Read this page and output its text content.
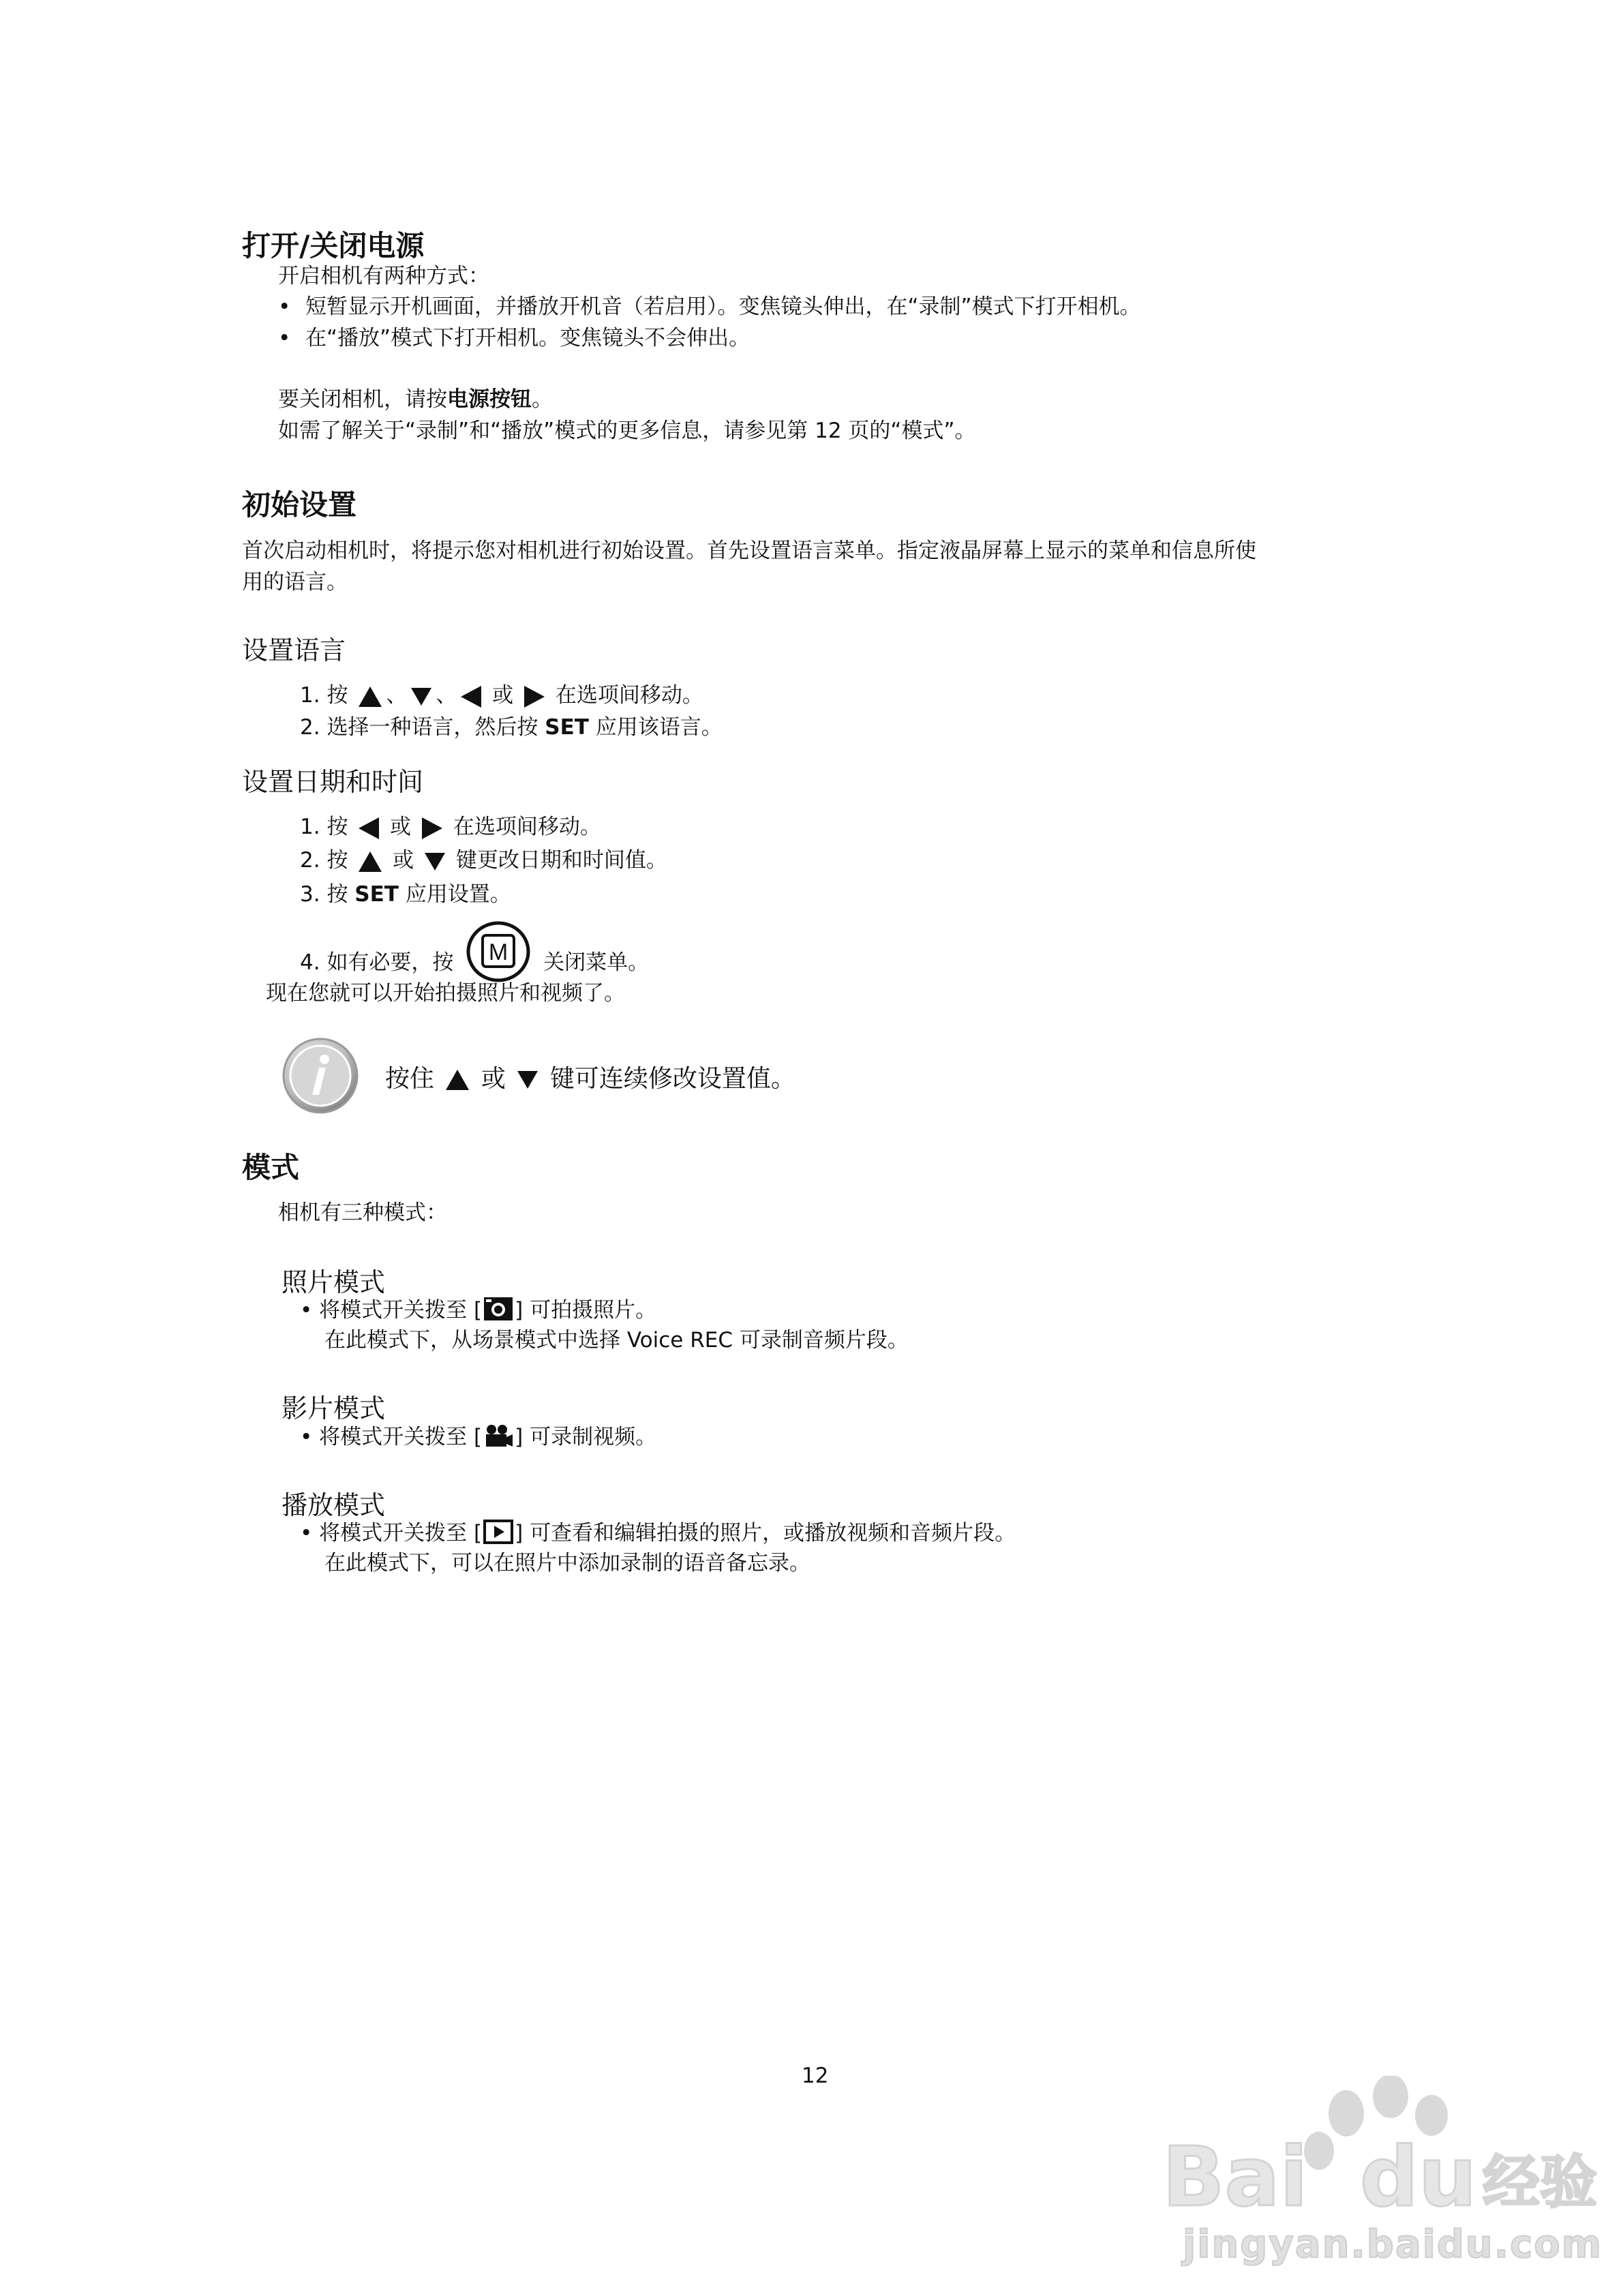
打开/关闭电源
开启相机有两种方式：
• 短暂显示开机画面，并播放开机音（若启用）。变焦镜头伸出，在“录制”模式下打开相机。
• 在“播放”模式下打开相机。变焦镜头不会伸出。
要关闭相机，请按电源按钮。
如需了解关于“录制”和“播放”模式的更多信息，请参见第 12 页的“模式”。
初始设置
首次启动相机时，将提示您对相机进行初始设置。首先设置语言菜单。指定液晶屏幕上显示的菜单和信息所使
用的语言。
设置语言
1. 按 、 、 或 在选项间移动。
2. 选择一种语言，然后按 SET 应用该语言。
设置日期和时间
1. 按 或 在选项间移动。
2. 按 或 键更改日期和时间值。
3. 按 SET 应用设置。
4. 如有必要，按 M 关闭菜单。
现在您就可以开始拍摄照片和视频了。
按住 或 键可连续修改设置值。
模式
相机有三种模式：
照片模式
• 将模式开关拨至 [ ] 可拍摄照片。
在此模式下，从场景模式中选择 Voice REC 可录制音频片段。
影片模式
• 将模式开关拨至 [ ] 可录制视频。
播放模式
• 将模式开关拨至 [ ] 可查看和编辑拍摄的照片，或播放视频和音频片段。
在此模式下，可以在照片中添加录制的语音备忘录。
12
Bai du 经验
jingyan.baidu.com
